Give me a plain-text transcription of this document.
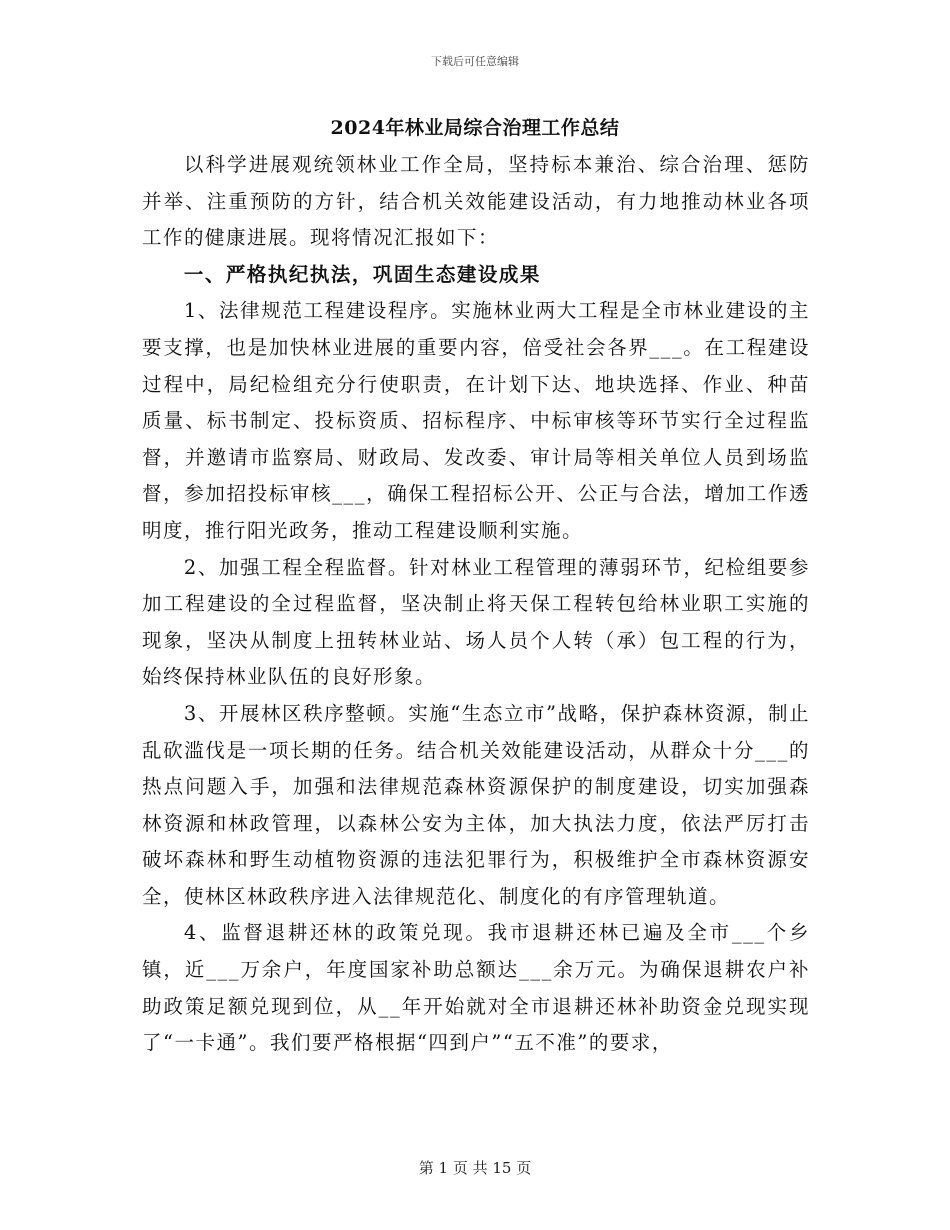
下载后可任意编辑
2024年林业局综合治理工作总结

以科学进展观统领林业工作全局，坚持标本兼治、综合治理、惩防并举、注重预防的方针，结合机关效能建设活动，有力地推动林业各项工作的健康进展。现将情况汇报如下：

一、严格执纪执法，巩固生态建设成果

1、法律规范工程建设程序。实施林业两大工程是全市林业建设的主要支撑，也是加快林业进展的重要内容，倍受社会各界___。在工程建设过程中，局纪检组充分行使职责，在计划下达、地块选择、作业、种苗质量、标书制定、投标资质、招标程序、中标审核等环节实行全过程监督，并邀请市监察局、财政局、发改委、审计局等相关单位人员到场监督，参加招投标审核___，确保工程招标公开、公正与合法，增加工作透明度，推行阳光政务，推动工程建设顺利实施。

2、加强工程全程监督。针对林业工程管理的薄弱环节，纪检组要参加工程建设的全过程监督，坚决制止将天保工程转包给林业职工实施的现象，坚决从制度上扭转林业站、场人员个人转（承）包工程的行为，始终保持林业队伍的良好形象。

3、开展林区秩序整顿。实施“生态立市”战略，保护森林资源，制止乱砍滥伐是一项长期的任务。结合机关效能建设活动，从群众十分___的热点问题入手，加强和法律规范森林资源保护的制度建设，切实加强森林资源和林政管理，以森林公安为主体，加大执法力度，依法严厉打击破坏森林和野生动植物资源的违法犯罪行为，积极维护全市森林资源安全，使林区林政秩序进入法律规范化、制度化的有序管理轨道。

4、监督退耕还林的政策兑现。我市退耕还林已遍及全市___个乡镇，近___万余户，年度国家补助总额达___余万元。为确保退耕农户补助政策足额兑现到位，从__年开始就对全市退耕还林补助资金兑现实现了“一卡通”。我们要严格根据“四到户”“五不准”的要求，

第 1 页 共 15 页
